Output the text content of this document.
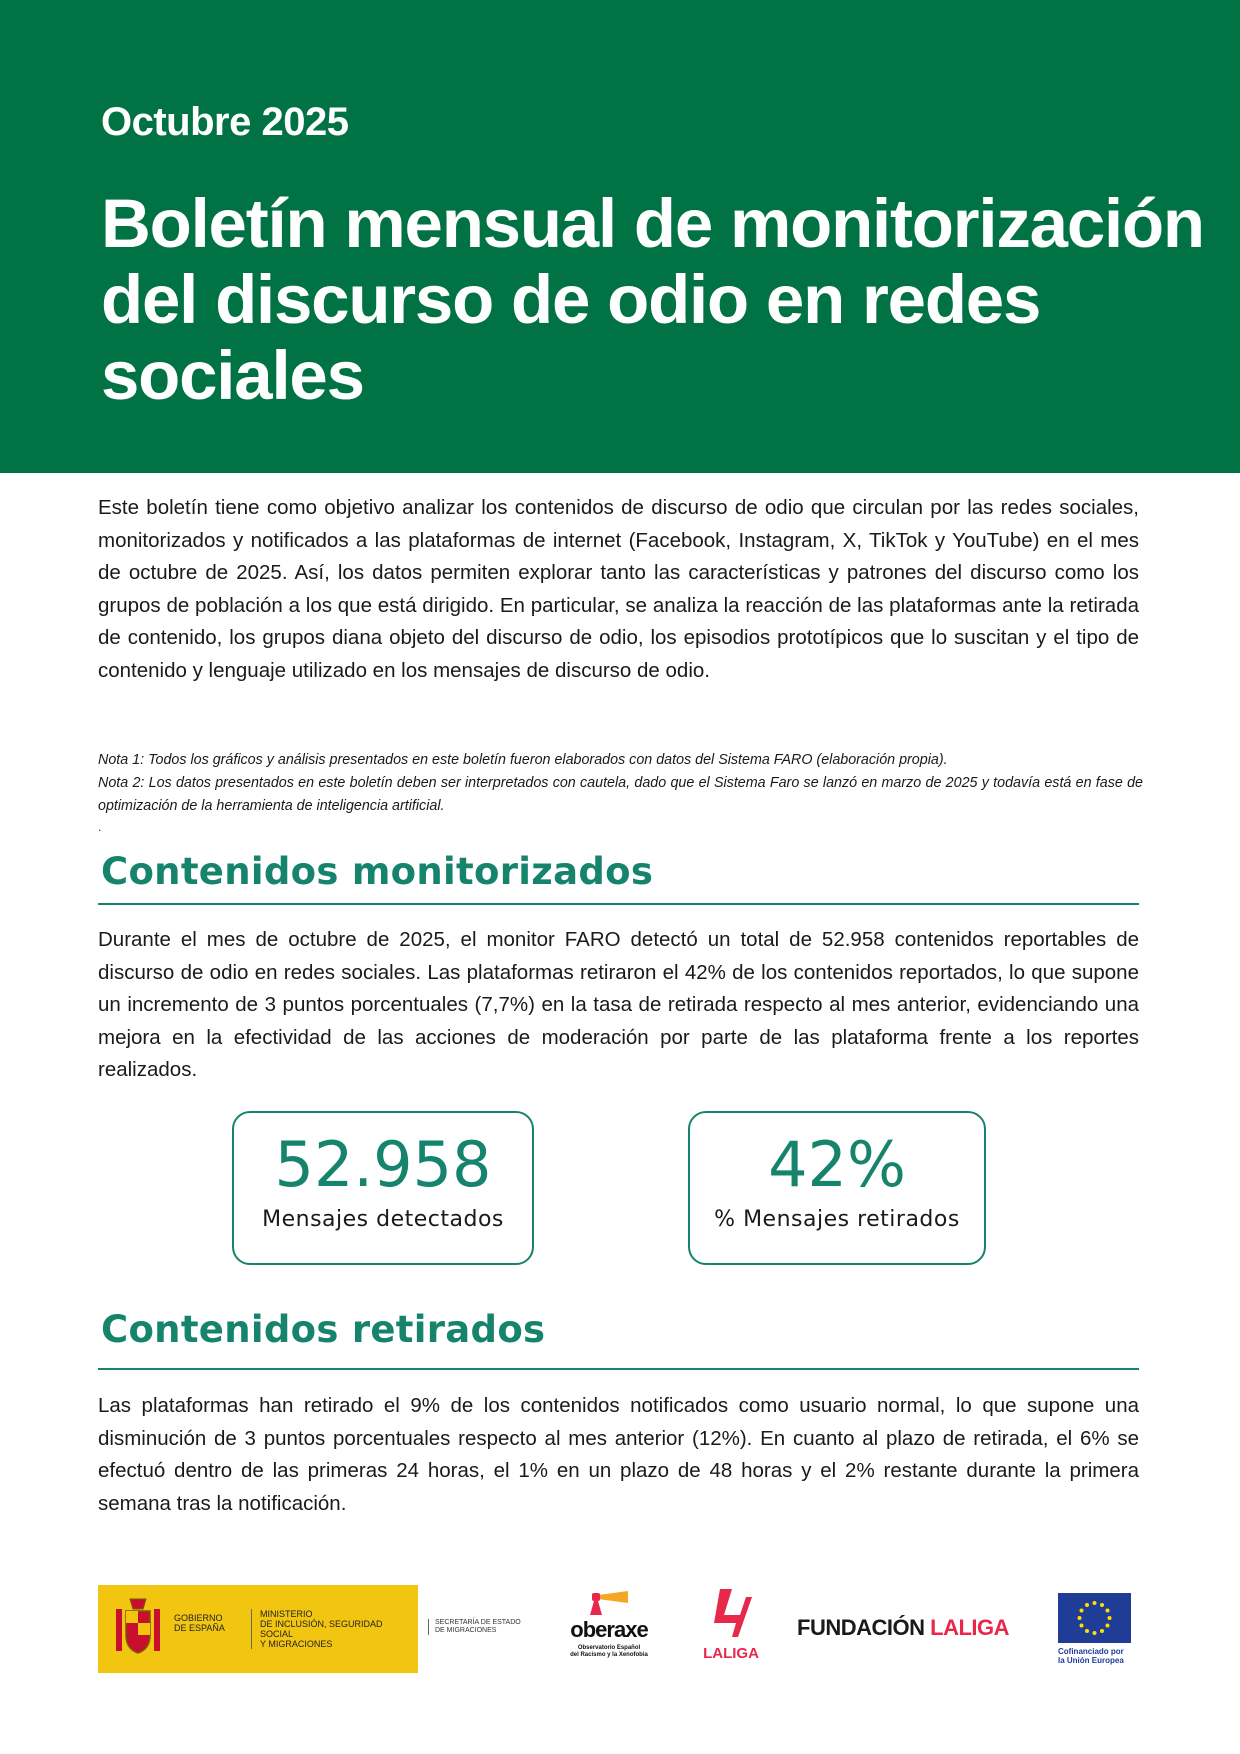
Octubre 2025
Boletín mensual de monitorización del discurso de odio en redes sociales
Este boletín tiene como objetivo analizar los contenidos de discurso de odio que circulan por las redes sociales, monitorizados y notificados a las plataformas de internet (Facebook, Instagram, X, TikTok y YouTube) en el mes de octubre de 2025. Así, los datos permiten explorar tanto las características y patrones del discurso como los grupos de población a los que está dirigido. En particular, se analiza la reacción de las plataformas ante la retirada de contenido, los grupos diana objeto del discurso de odio, los episodios prototípicos que lo suscitan y el tipo de contenido y lenguaje utilizado en los mensajes de discurso de odio.
Nota 1: Todos los gráficos y análisis presentados en este boletín fueron elaborados con datos del Sistema FARO (elaboración propia).
Nota 2: Los datos presentados en este boletín deben ser interpretados con cautela, dado que el Sistema Faro se lanzó en marzo de 2025 y todavía está en fase de optimización de la herramienta de inteligencia artificial.
.
Contenidos monitorizados
Durante el mes de octubre de 2025, el monitor FARO detectó un total de 52.958 contenidos reportables de discurso de odio en redes sociales. Las plataformas retiraron el 42% de los contenidos reportados, lo que supone un incremento de 3 puntos porcentuales (7,7%) en la tasa de retirada respecto al mes anterior, evidenciando una mejora en la efectividad de las acciones de moderación por parte de las plataforma frente a los reportes realizados.
52.958
Mensajes detectados
42%
% Mensajes retirados
Contenidos retirados
Las plataformas han retirado el 9% de los contenidos notificados como usuario normal, lo que supone una disminución de 3 puntos porcentuales respecto al mes anterior (12%). En cuanto al plazo de retirada, el 6% se efectuó dentro de las primeras 24 horas, el 1% en un plazo de 48 horas y el 2% restante durante la primera semana tras la notificación.
GOBIERNO
DE ESPAÑA
MINISTERIO
DE INCLUSIÓN, SEGURIDAD SOCIAL
Y MIGRACIONES
SECRETARÍA DE ESTADO
DE MIGRACIONES	oberaxe
Observatorio Español
del Racismo y la Xenofobia	LALIGA
FUNDACIÓN LALIGA
Cofinanciado por
la Unión Europea
